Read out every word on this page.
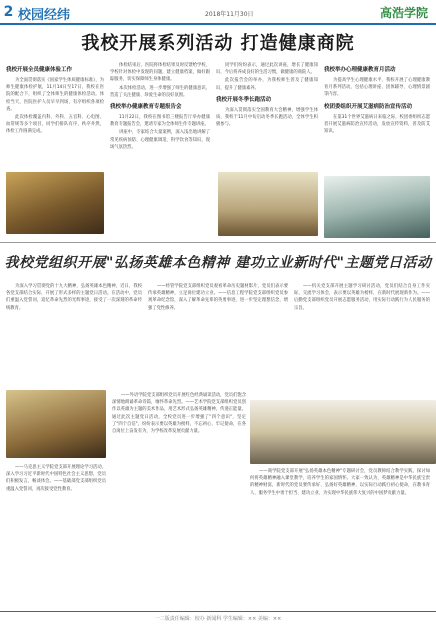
2 校园经纬	2018年11月30日	高浩学院
我校开展系列活动 打造健康商院
我校开展全员健康体验工作

为全面贯彻落实《国家学生体质健康标准》，为师生健康体检护航，11月14日至17日，我校在医院的配合下，组织了全体师生的健康体检活动。体检当天，医院医护人员早早到场，有序组织各项检查。

此次体检覆盖内科、外科、五官科、心电图、血常规等多个项目，同学们排队有序、秩序井然，体检工作圆满完成。

体检结束后，医院将体检结果及时反馈给学校，学校针对体检中发现的问题，建立健康档案，做好跟踪服务，切实保障师生身体健康。

本次体检活动，进一步增强了师生的健康意识，营造了关注健康、珍爱生命的良好氛围。

我校举办健康教育专题报告会

11月22日，我校在图书馆三楼报告厅举办健康教育专题报告会，邀请专家为全体师生作专题讲座。

讲座中，专家结合大量案例，深入浅出地讲解了常见疾病预防、心理健康调适、科学饮食等知识，现场气氛热烈。

同学们纷纷表示，通过此次讲座，增长了健康知识，今后将养成良好的生活习惯，做健康的商院人。

此次报告会的举办，为我校师生普及了健康知识，提升了健康素养。

我校开展冬季长跑活动

为深入贯彻落实全国教育大会精神，增强学生体质，我校于11月中旬启动冬季长跑活动，全体学生积极参与。

我校举办心理健康教育月活动

为提高学生心理健康水平，我校开展了心理健康教育月系列活动，包括心理讲座、团体辅导、心理情景剧等内容。

校团委组织开展艾滋病防治宣传活动

在第31个世界艾滋病日来临之际，校团委组织志愿者开展艾滋病防治宣传活动，发放宣传资料，普及防艾知识。

我校党组织开展"弘扬英雄本色精神 建功立业新时代"主题党日活动

为深入学习贯彻党的十九大精神，弘扬英雄本色精神，近日，我校各党支部结合实际，开展了形式多样的主题党日活动。在活动中，党员们重温入党誓词，追忆革命先烈的光辉事迹，接受了一次深刻的革命传统教育。

——经管学院党支部组织党员观看革命历史题材影片，党员们表示要传承英雄精神，立足岗位建功立业。——信息工程学院党支部组织党员参观革命纪念馆，深入了解革命先辈的英勇事迹，进一步坚定理想信念，增强了党性修养。

——机关党支部开展主题学习研讨活动，党员们结合自身工作实际，交流学习体会，表示要以英雄为榜样，在新时代展现新作为。——后勤党支部组织党员开展志愿服务活动，用实际行动践行为人民服务的宗旨。

——外语学院党支部组织党员开展红色经典诵读活动，党员们饱含深情地朗诵革命诗篇，缅怀革命先烈。——艺术学院党支部组织党员创作以英雄为主题的美术作品，用艺术形式弘扬英雄精神，传递正能量。通过此次主题党日活动，全校党员进一步增强了"四个意识"，坚定了"四个自信"，纷纷表示要以英雄为榜样，不忘初心、牢记使命，在各自岗位上奋发有为，为学校改革发展贡献力量。

——马克思主义学院党支部开展理论学习活动，深入学习习近平新时代中国特色社会主义思想，党员们积极发言，畅谈体会。——基础部党支部组织党员重温入党誓词，再次接受党性教育。

——商学院党支部开展"弘扬英雄本色精神"专题研讨会，党员教师结合教学实践，探讨如何将英雄精神融入课堂教学，培养学生的家国情怀。大家一致认为，英雄精神是中华民族宝贵的精神财富，新时代的党员要传承好、弘扬好英雄精神，以实际行动践行初心使命，在教书育人、服务学生中勇于担当、建功立业，为实现中华民族伟大复兴的中国梦贡献力量。

一二版责任编辑：校办 新闻科 学生编辑：×× 美编：××
